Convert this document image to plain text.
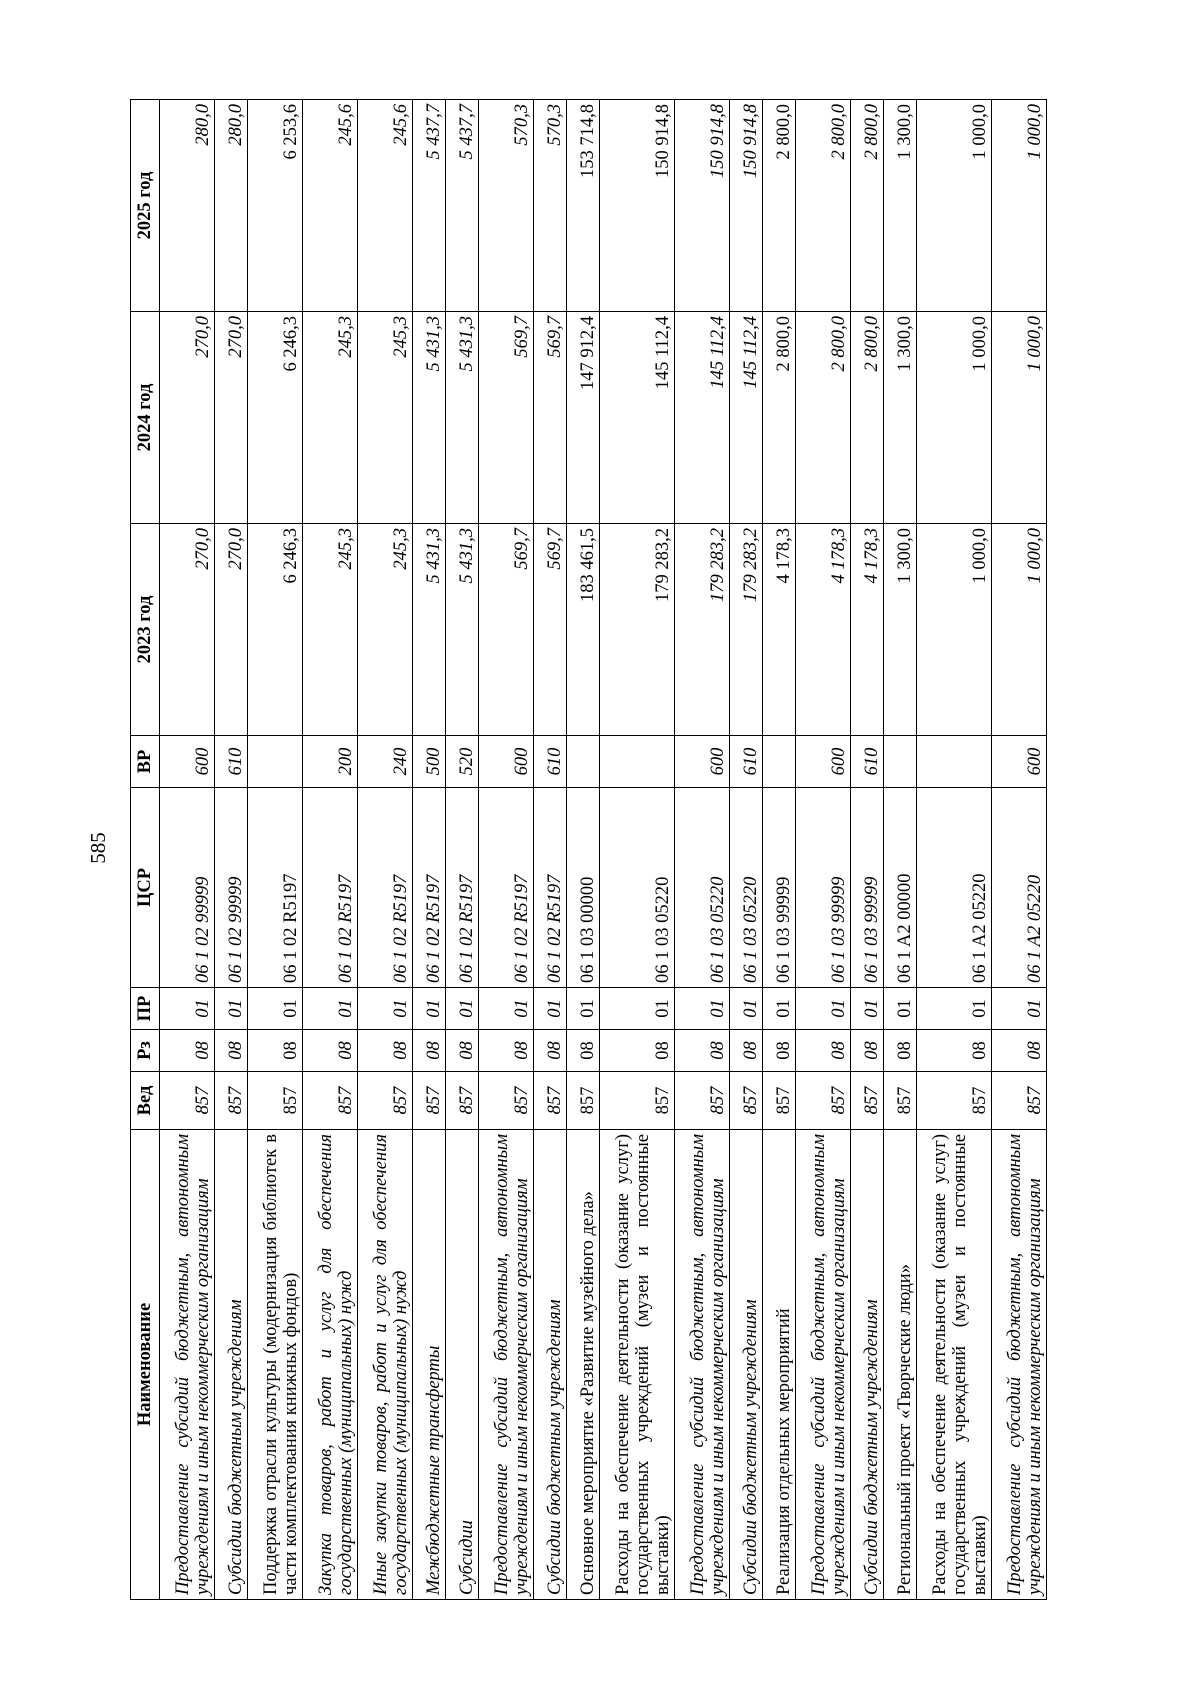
585
Наименование	Вед	Рз	ПР	ЦСР	ВР	2023 год	2024 год	2025 год
Предоставление субсидий бюджетным, автономным учреждениям и иным некоммерческим организациям	857	08	01	06 1 02 99999	600	270,0	270,0	280,0
Субсидии бюджетным учреждениям	857	08	01	06 1 02 99999	610	270,0	270,0	280,0
Поддержка отрасли культуры (модернизация библиотек в части комплектования книжных фондов)	857	08	01	06 1 02 R5197		6 246,3	6 246,3	6 253,6
Закупка товаров, работ и услуг для обеспечения государственных (муниципальных) нужд	857	08	01	06 1 02 R5197	200	245,3	245,3	245,6
Иные закупки товаров, работ и услуг для обеспечения государственных (муниципальных) нужд	857	08	01	06 1 02 R5197	240	245,3	245,3	245,6
Межбюджетные трансферты	857	08	01	06 1 02 R5197	500	5 431,3	5 431,3	5 437,7
Субсидии	857	08	01	06 1 02 R5197	520	5 431,3	5 431,3	5 437,7
Предоставление субсидий бюджетным, автономным учреждениям и иным некоммерческим организациям	857	08	01	06 1 02 R5197	600	569,7	569,7	570,3
Субсидии бюджетным учреждениям	857	08	01	06 1 02 R5197	610	569,7	569,7	570,3
Основное мероприятие «Развитие музейного дела»	857	08	01	06 1 03 00000		183 461,5	147 912,4	153 714,8
Расходы на обеспечение деятельности (оказание услуг) государственных учреждений (музеи и постоянные выставки)	857	08	01	06 1 03 05220		179 283,2	145 112,4	150 914,8
Предоставление субсидий бюджетным, автономным учреждениям и иным некоммерческим организациям	857	08	01	06 1 03 05220	600	179 283,2	145 112,4	150 914,8
Субсидии бюджетным учреждениям	857	08	01	06 1 03 05220	610	179 283,2	145 112,4	150 914,8
Реализация отдельных мероприятий	857	08	01	06 1 03 99999		4 178,3	2 800,0	2 800,0
Предоставление субсидий бюджетным, автономным учреждениям и иным некоммерческим организациям	857	08	01	06 1 03 99999	600	4 178,3	2 800,0	2 800,0
Субсидии бюджетным учреждениям	857	08	01	06 1 03 99999	610	4 178,3	2 800,0	2 800,0
Региональный проект «Творческие люди»	857	08	01	06 1 A2 00000		1 300,0	1 300,0	1 300,0
Расходы на обеспечение деятельности (оказание услуг) государственных учреждений (музеи и постоянные выставки)	857	08	01	06 1 A2 05220		1 000,0	1 000,0	1 000,0
Предоставление субсидий бюджетным, автономным учреждениям и иным некоммерческим организациям	857	08	01	06 1 A2 05220	600	1 000,0	1 000,0	1 000,0
